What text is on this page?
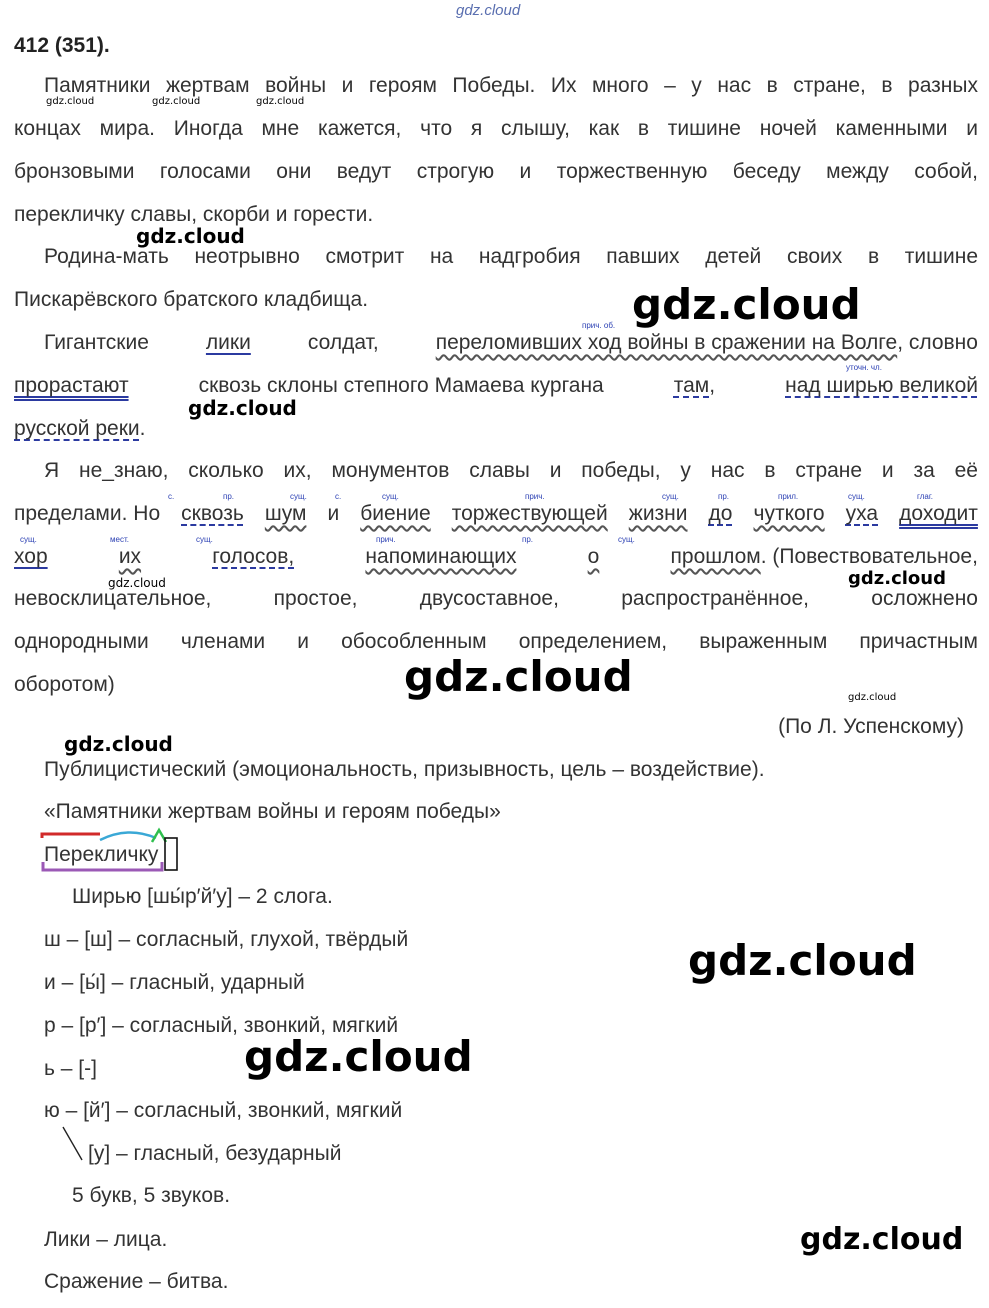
gdz.cloud
gdz.cloud	gdz.cloud	gdz.cloud
gdz.cloud
gdz.cloud
gdz.cloud
gdz.cloud	gdz.cloud
gdz.cloud	gdz.cloud
gdz.cloud
gdz.cloud
gdz.cloud
gdz.cloud
412 (351).
Памятники жертвам войны и героям Победы. Их много – у нас в стране, в разных
концах мира. Иногда мне кажется, что я слышу, как в тишине ночей каменными и
бронзовыми голосами они ведут строгую и торжественную беседу между собой,
перекличку славы, скорби и горести.
Родина-мать неотрывно смотрит на надгробия павших детей своих в тишине
Пискарёвского братского кладбища.
прич. об.
Гигантские	лики	солдат,	переломивших ход войны в сражении на Волге, словно
уточн. чл.
прорастают	сквозь склоны степного Мамаева кургана	там,	над ширью великой
русской реки.
Я не_знаю, сколько их, монументов славы и победы, у нас в стране и за её
с.	пр.	сущ.	с.	сущ.	прич.	сущ.	пр.	прил.	сущ.	глаг.
пределами. Но сквозь шум и биение торжествующей жизни до чуткого уха доходит
сущ.	мест.	сущ.	прич.	пр.	сущ.
хор	их	голосов,	напоминающих	о	прошлом. (Повествовательное,
невосклицательное, простое, двусоставное, распространённое, осложнено
однородными членами и обособленным определением, выраженным причастным
оборотом)
(По Л. Успенскому)
Публицистический (эмоциональность, призывность, цель – воздействие).
«Памятники жертвам войны и героям победы»
Перекличку
Ширью [шы́р′й′у] – 2 слога.
ш – [ш] – согласный, глухой, твёрдый
и – [ы́] – гласный, ударный
р – [р′] – согласный, звонкий, мягкий
ь – [-]
ю – [й′] – согласный, звонкий, мягкий
[у] – гласный, безударный
5 букв, 5 звуков.
Лики – лица.
Сражение – битва.
